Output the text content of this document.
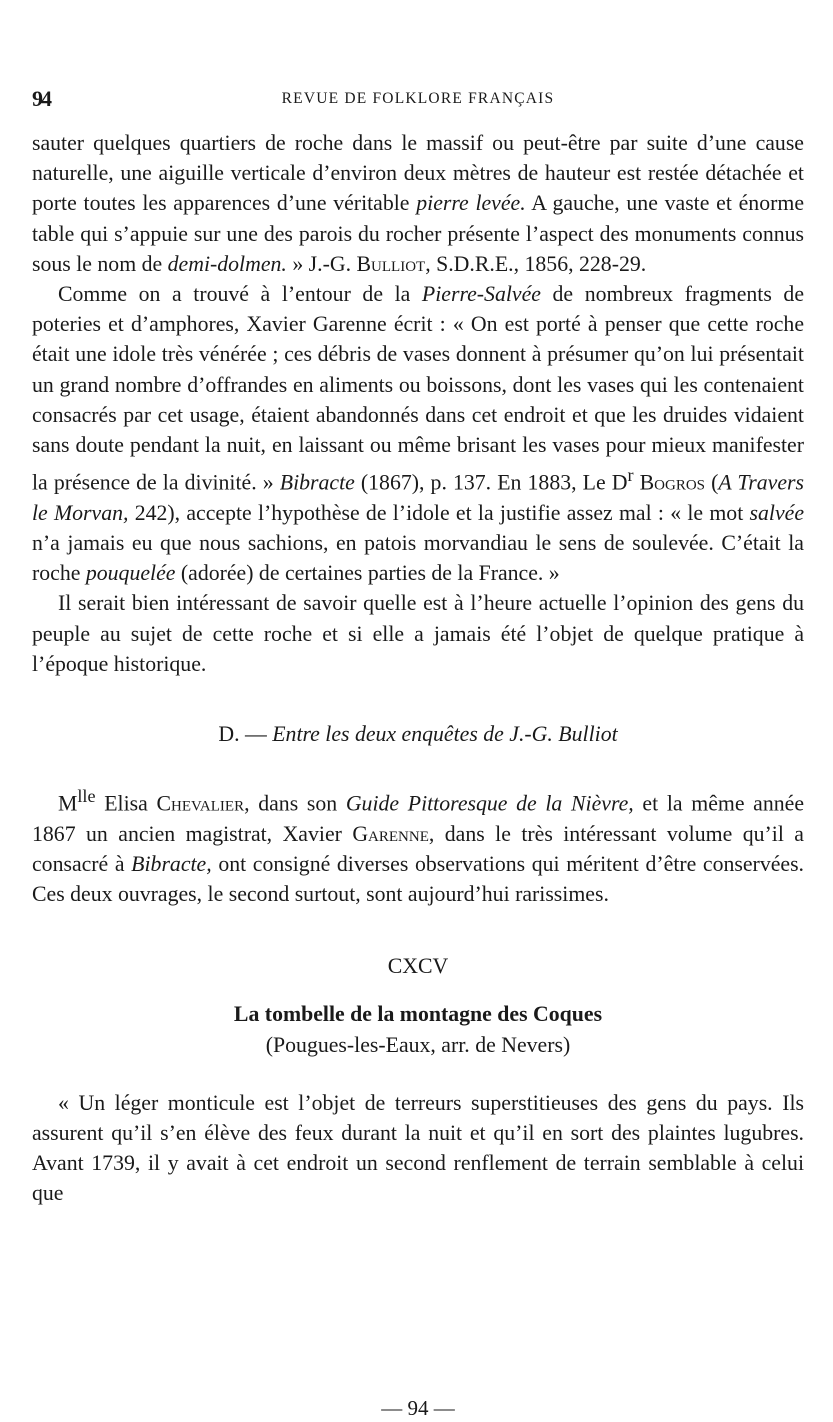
94	REVUE DE FOLKLORE FRANÇAIS

sauter quelques quartiers de roche dans le massif ou peut-être par suite d’une cause naturelle, une aiguille verticale d’environ deux mètres de hauteur est restée détachée et porte toutes les apparences d’une véritable pierre levée. A gauche, une vaste et énorme table qui s’appuie sur une des parois du rocher présente l’aspect des monuments connus sous le nom de demi-dolmen. » J.-G. Bulliot, S.D.R.E., 1856, 228-29.

Comme on a trouvé à l’entour de la Pierre-Salvée de nombreux fragments de poteries et d’amphores, Xavier Garenne écrit : « On est porté à penser que cette roche était une idole très vénérée ; ces débris de vases donnent à présumer qu’on lui présentait un grand nombre d’offrandes en aliments ou boissons, dont les vases qui les contenaient consacrés par cet usage, étaient abandonnés dans cet endroit et que les druides vidaient sans doute pendant la nuit, en laissant ou même brisant les vases pour mieux manifester la présence de la divinité. » Bibracte (1867), p. 137. En 1883, Le $D^r$ Bogros (A Travers le Morvan, 242), accepte l’hypothèse de l’idole et la justifie assez mal : « le mot salvée n’a jamais eu que nous sachions, en patois morvandiau le sens de soulevée. C’était la roche pouquelée (adorée) de certaines parties de la France. »

Il serait bien intéressant de savoir quelle est à l’heure actuelle l’opinion des gens du peuple au sujet de cette roche et si elle a jamais été l’objet de quelque pratique à l’époque historique.

D. — Entre les deux enquêtes de J.-G. Bulliot

$M^{lle}$ Elisa Chevalier, dans son Guide Pittoresque de la Nièvre, et la même année 1867 un ancien magistrat, Xavier Garenne, dans le très intéressant volume qu’il a consacré à Bibracte, ont consigné diverses observations qui méritent d’être conservées. Ces deux ouvrages, le second surtout, sont aujourd’hui rarissimes.

CXCV

La tombelle de la montagne des Coques

(Pougues-les-Eaux, arr. de Nevers)

« Un léger monticule est l’objet de terreurs superstitieuses des gens du pays. Ils assurent qu’il s’en élève des feux durant la nuit et qu’il en sort des plaintes lugubres. Avant 1739, il y avait à cet endroit un second renflement de terrain semblable à celui que

— 94 —
